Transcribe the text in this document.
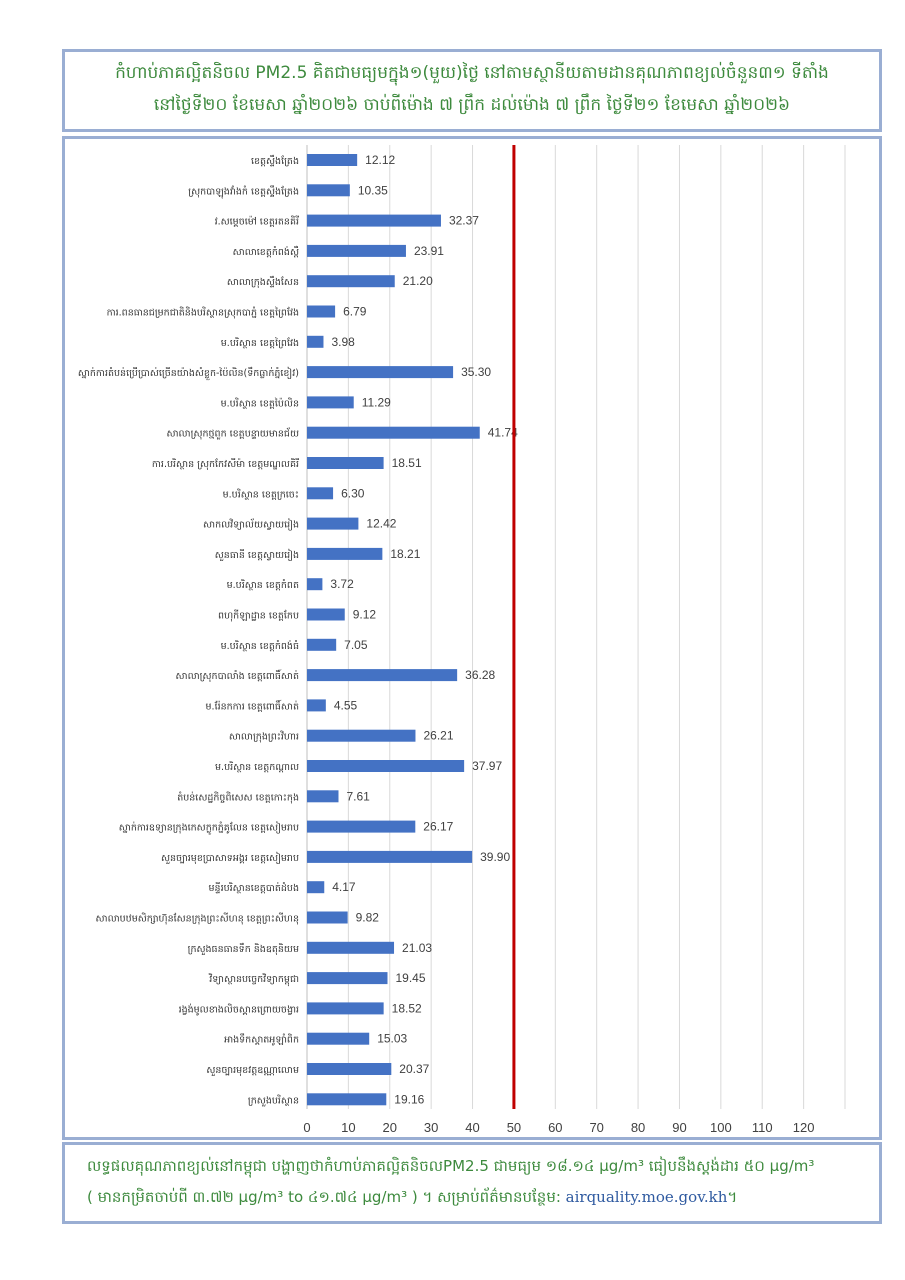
កំហាប់ភាគល្អិតនិចល PM2.5 គិតជាមធ្យមក្នុង១(មួយ)ថ្ងៃ នៅតាមស្ថានីយតាមដានគុណភាពខ្យល់ចំនួន៣១ ទីតាំង
នៅថ្ងៃទី២០ ខែមេសា ឆ្នាំ២០២៦ ចាប់ពីម៉ោង ៧ ព្រឹក ដល់ម៉ោង ៧ ព្រឹក ថ្ងៃទី២១ ខែមេសា ឆ្នាំ២០២៦
0 10 20 30 40 50 60 70 80 90 100 110 120
ខេត្តស្ទឹងត្រែង	12.12
ស្រុកបាឡុងវាំងកំ ខេត្តស្ទឹងត្រែង	10.35
វ.សម្តេចម៉ៅ ខេត្តរតនគិរី	32.37
សាលាខេត្តកំពង់ស្ពឺ	23.91
សាលាក្រុងស្ទឹងសែន	21.20
ការ.ពនធានជម្រកជាតិនិងបរិស្ថានស្រុកបាភ្នំ ខេត្តព្រៃវែង	6.79
ម.បរិស្ថាន ខេត្តព្រៃវែង	3.98
ស្នាក់ការតំបន់ប្រើប្រាស់ច្រើនយ៉ាងសំខ្លួក-ប៉ៃលិន(ទឹកធ្លាក់ភ្នំខៀវ)	35.30
ម.បរិស្ថាន ខេត្តប៉ៃលិន	11.29
សាលាស្រុកថ្មពួក ខេត្តបន្ទាយមានជ័យ	41.74
ការ.បរិស្ថាន ស្រុកកែវសីម៉ា ខេត្តមណ្ឌលគិរី	18.51
ម.បរិស្ថាន ខេត្តក្រចេះ	6.30
សាកលវិទ្យាល័យស្វាយរៀង	12.42
សួនធានី ខេត្តស្វាយរៀង	18.21
ម.បរិស្ថាន ខេត្តកំពត	3.72
ពហុកីឡាដ្ឋាន ខេត្តកែប	9.12
ម.បរិស្ថាន ខេត្តកំពង់ធំ	7.05
សាលាស្រុកបាលាំង ខេត្តពោធិ៍សាត់	36.28
ម.រ៉ែនកការ ខេត្តពោធិ៍សាត់	4.55
សាលាក្រុងព្រះវិហារ	26.21
ម.បរិស្ថាន ខេត្តកណ្តាល	37.97
តំបន់សេដ្ឋកិច្ចពិសេស ខេត្តកោះកុង	7.61
ស្នាក់ការឧទ្យានក្រុងកេសក្លូកភ្នំគូលែន ខេត្តសៀមរាប	26.17
សួនច្បារមុខប្រាសាទអង្គរ ខេត្តសៀមរាប	39.90
មន្ទីរបរិស្ថានខេត្តបាត់ដំបង	4.17
សាលាបឋមសិក្សាហ៊ុនសែនក្រុងព្រះសីហនុ ខេត្តព្រះសីហនុ	9.82
ក្រសួងធនធានទឹក និងឧតុនិយម	21.03
វិទ្យាស្ថានបច្ចេកវិទ្យាកម្ពុជា	19.45
រង្វង់មូលខាងលិចស្ពានព្រោយចង្វារ	18.52
អាងទឹកស្តាតអូឡាំពិក	15.03
សួនច្បារមុខវត្តឧណ្ណាលោម	20.37
ក្រសួងបរិស្ថាន	19.16
លទ្ធផលគុណភាពខ្យល់នៅកម្ពុជា បង្ហាញថាកំហាប់ភាគល្អិតនិចលPM2.5 ជាមធ្យម ១៨.១៤ μg/m³ ធៀបនឹងស្តង់ដារ ៥០ μg/m³
( មានកម្រិតចាប់ពី ៣.៧២ μg/m³ to ៤១.៧៤ μg/m³ ) ។ សម្រាប់ព័ត៌មានបន្ថែម: airquality.moe.gov.kh។
